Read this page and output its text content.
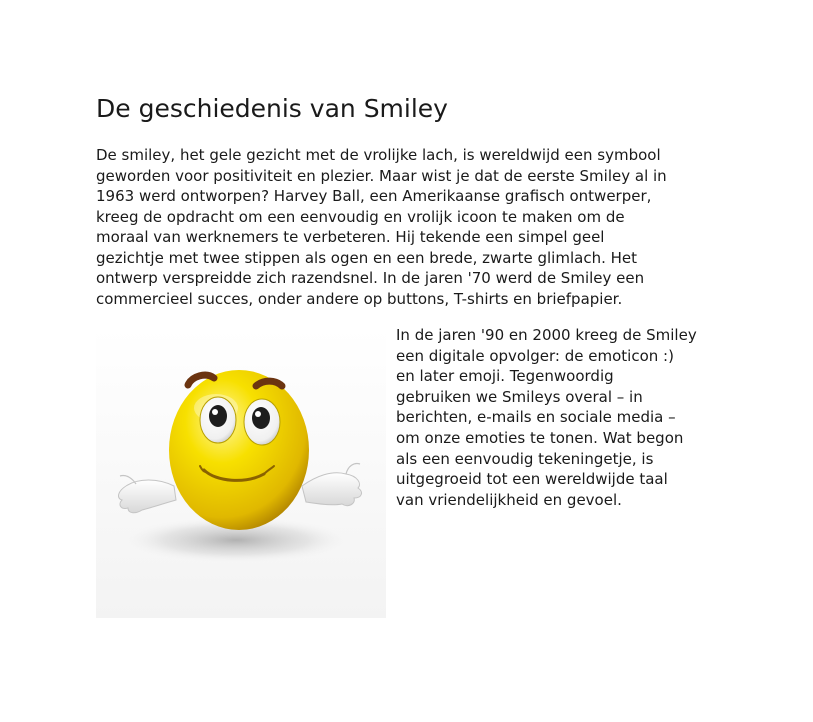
De geschiedenis van Smiley

De smiley, het gele gezicht met de vrolijke lach, is wereldwijd een symbool
geworden voor positiviteit en plezier. Maar wist je dat de eerste Smiley al in
1963 werd ontworpen? Harvey Ball, een Amerikaanse grafisch ontwerper,
kreeg de opdracht om een eenvoudig en vrolijk icoon te maken om de
moraal van werknemers te verbeteren. Hij tekende een simpel geel
gezichtje met twee stippen als ogen en een brede, zwarte glimlach. Het
ontwerp verspreidde zich razendsnel. In de jaren '70 werd de Smiley een
commercieel succes, onder andere op buttons, T-shirts en briefpapier.

In de jaren '90 en 2000 kreeg de Smiley
een digitale opvolger: de emoticon :)
en later emoji. Tegenwoordig
gebruiken we Smileys overal – in
berichten, e-mails en sociale media –
om onze emoties te tonen. Wat begon
als een eenvoudig tekeningetje, is
uitgegroeid tot een wereldwijde taal
van vriendelijkheid en gevoel.
